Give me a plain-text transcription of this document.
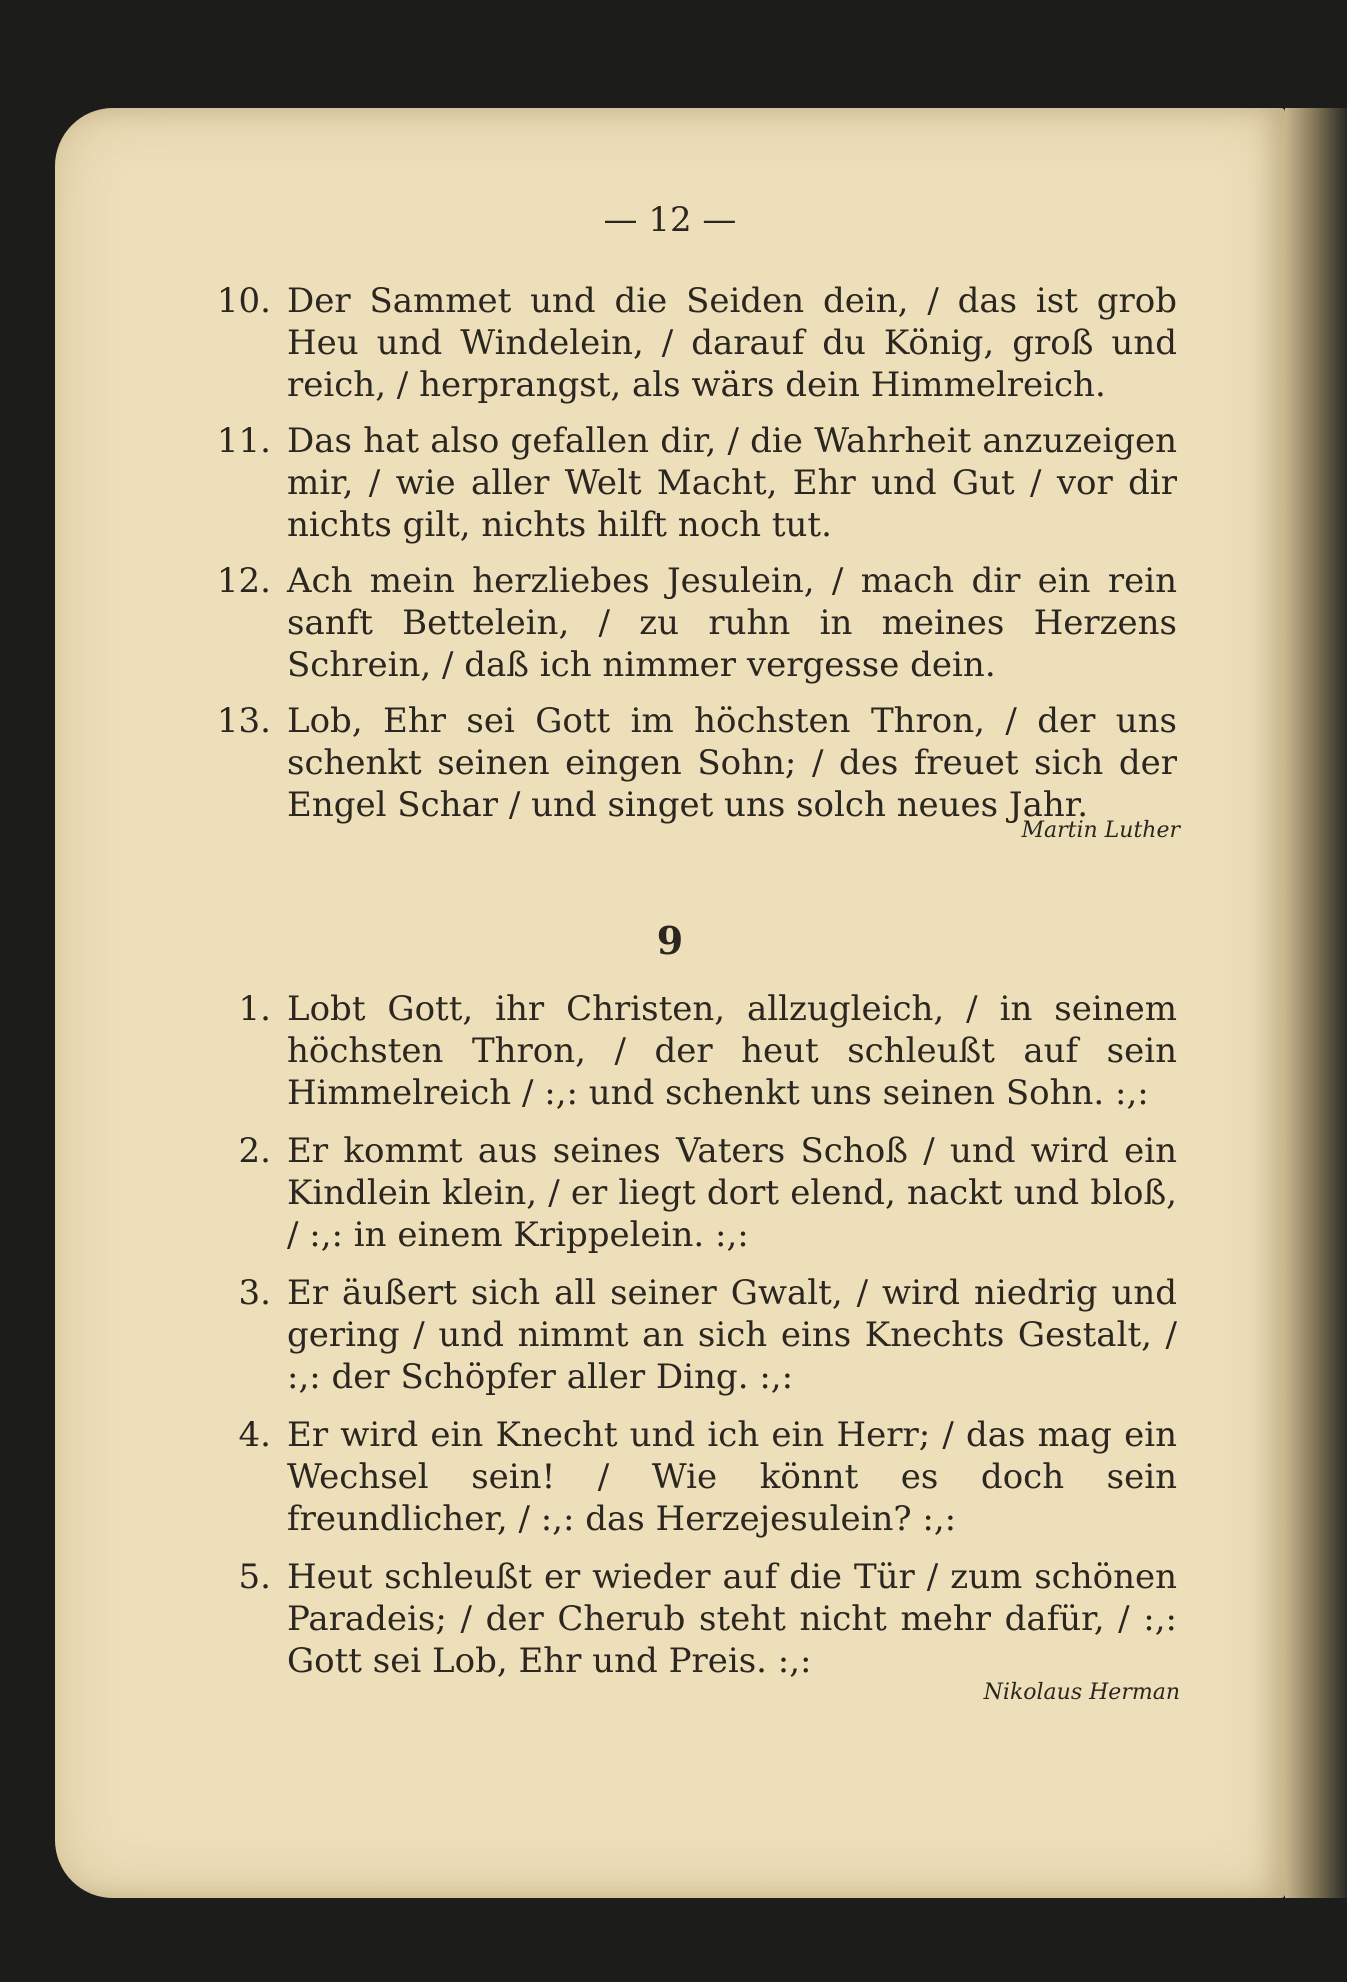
— 12 —
10. Der Sammet und die Seiden dein, / das ist grob Heu und Windelein, / darauf du König, groß und reich, / herprangst, als wärs dein Himmelreich.
11. Das hat also gefallen dir, / die Wahrheit anzuzeigen mir, / wie aller Welt Macht, Ehr und Gut / vor dir nichts gilt, nichts hilft noch tut.
12. Ach mein herzliebes Jesulein, / mach dir ein rein sanft Bettelein, / zu ruhn in meines Herzens Schrein, / daß ich nimmer vergesse dein.
13. Lob, Ehr sei Gott im höchsten Thron, / der uns schenkt seinen eingen Sohn; / des freuet sich der Engel Schar / und singet uns solch neues Jahr.
Martin Luther
9
1. Lobt Gott, ihr Christen, allzugleich, / in seinem höchsten Thron, / der heut schleußt auf sein Himmelreich / :,: und schenkt uns seinen Sohn. :,:
2. Er kommt aus seines Vaters Schoß / und wird ein Kindlein klein, / er liegt dort elend, nackt und bloß, / :,: in einem Krippelein. :,:
3. Er äußert sich all seiner Gwalt, / wird niedrig und gering / und nimmt an sich eins Knechts Gestalt, / :,: der Schöpfer aller Ding. :,:
4. Er wird ein Knecht und ich ein Herr; / das mag ein Wechsel sein! / Wie könnt es doch sein freundlicher, / :,: das Herzejesulein? :,:
5. Heut schleußt er wieder auf die Tür / zum schönen Paradeis; / der Cherub steht nicht mehr dafür, / :,: Gott sei Lob, Ehr und Preis. :,:
Nikolaus Herman
